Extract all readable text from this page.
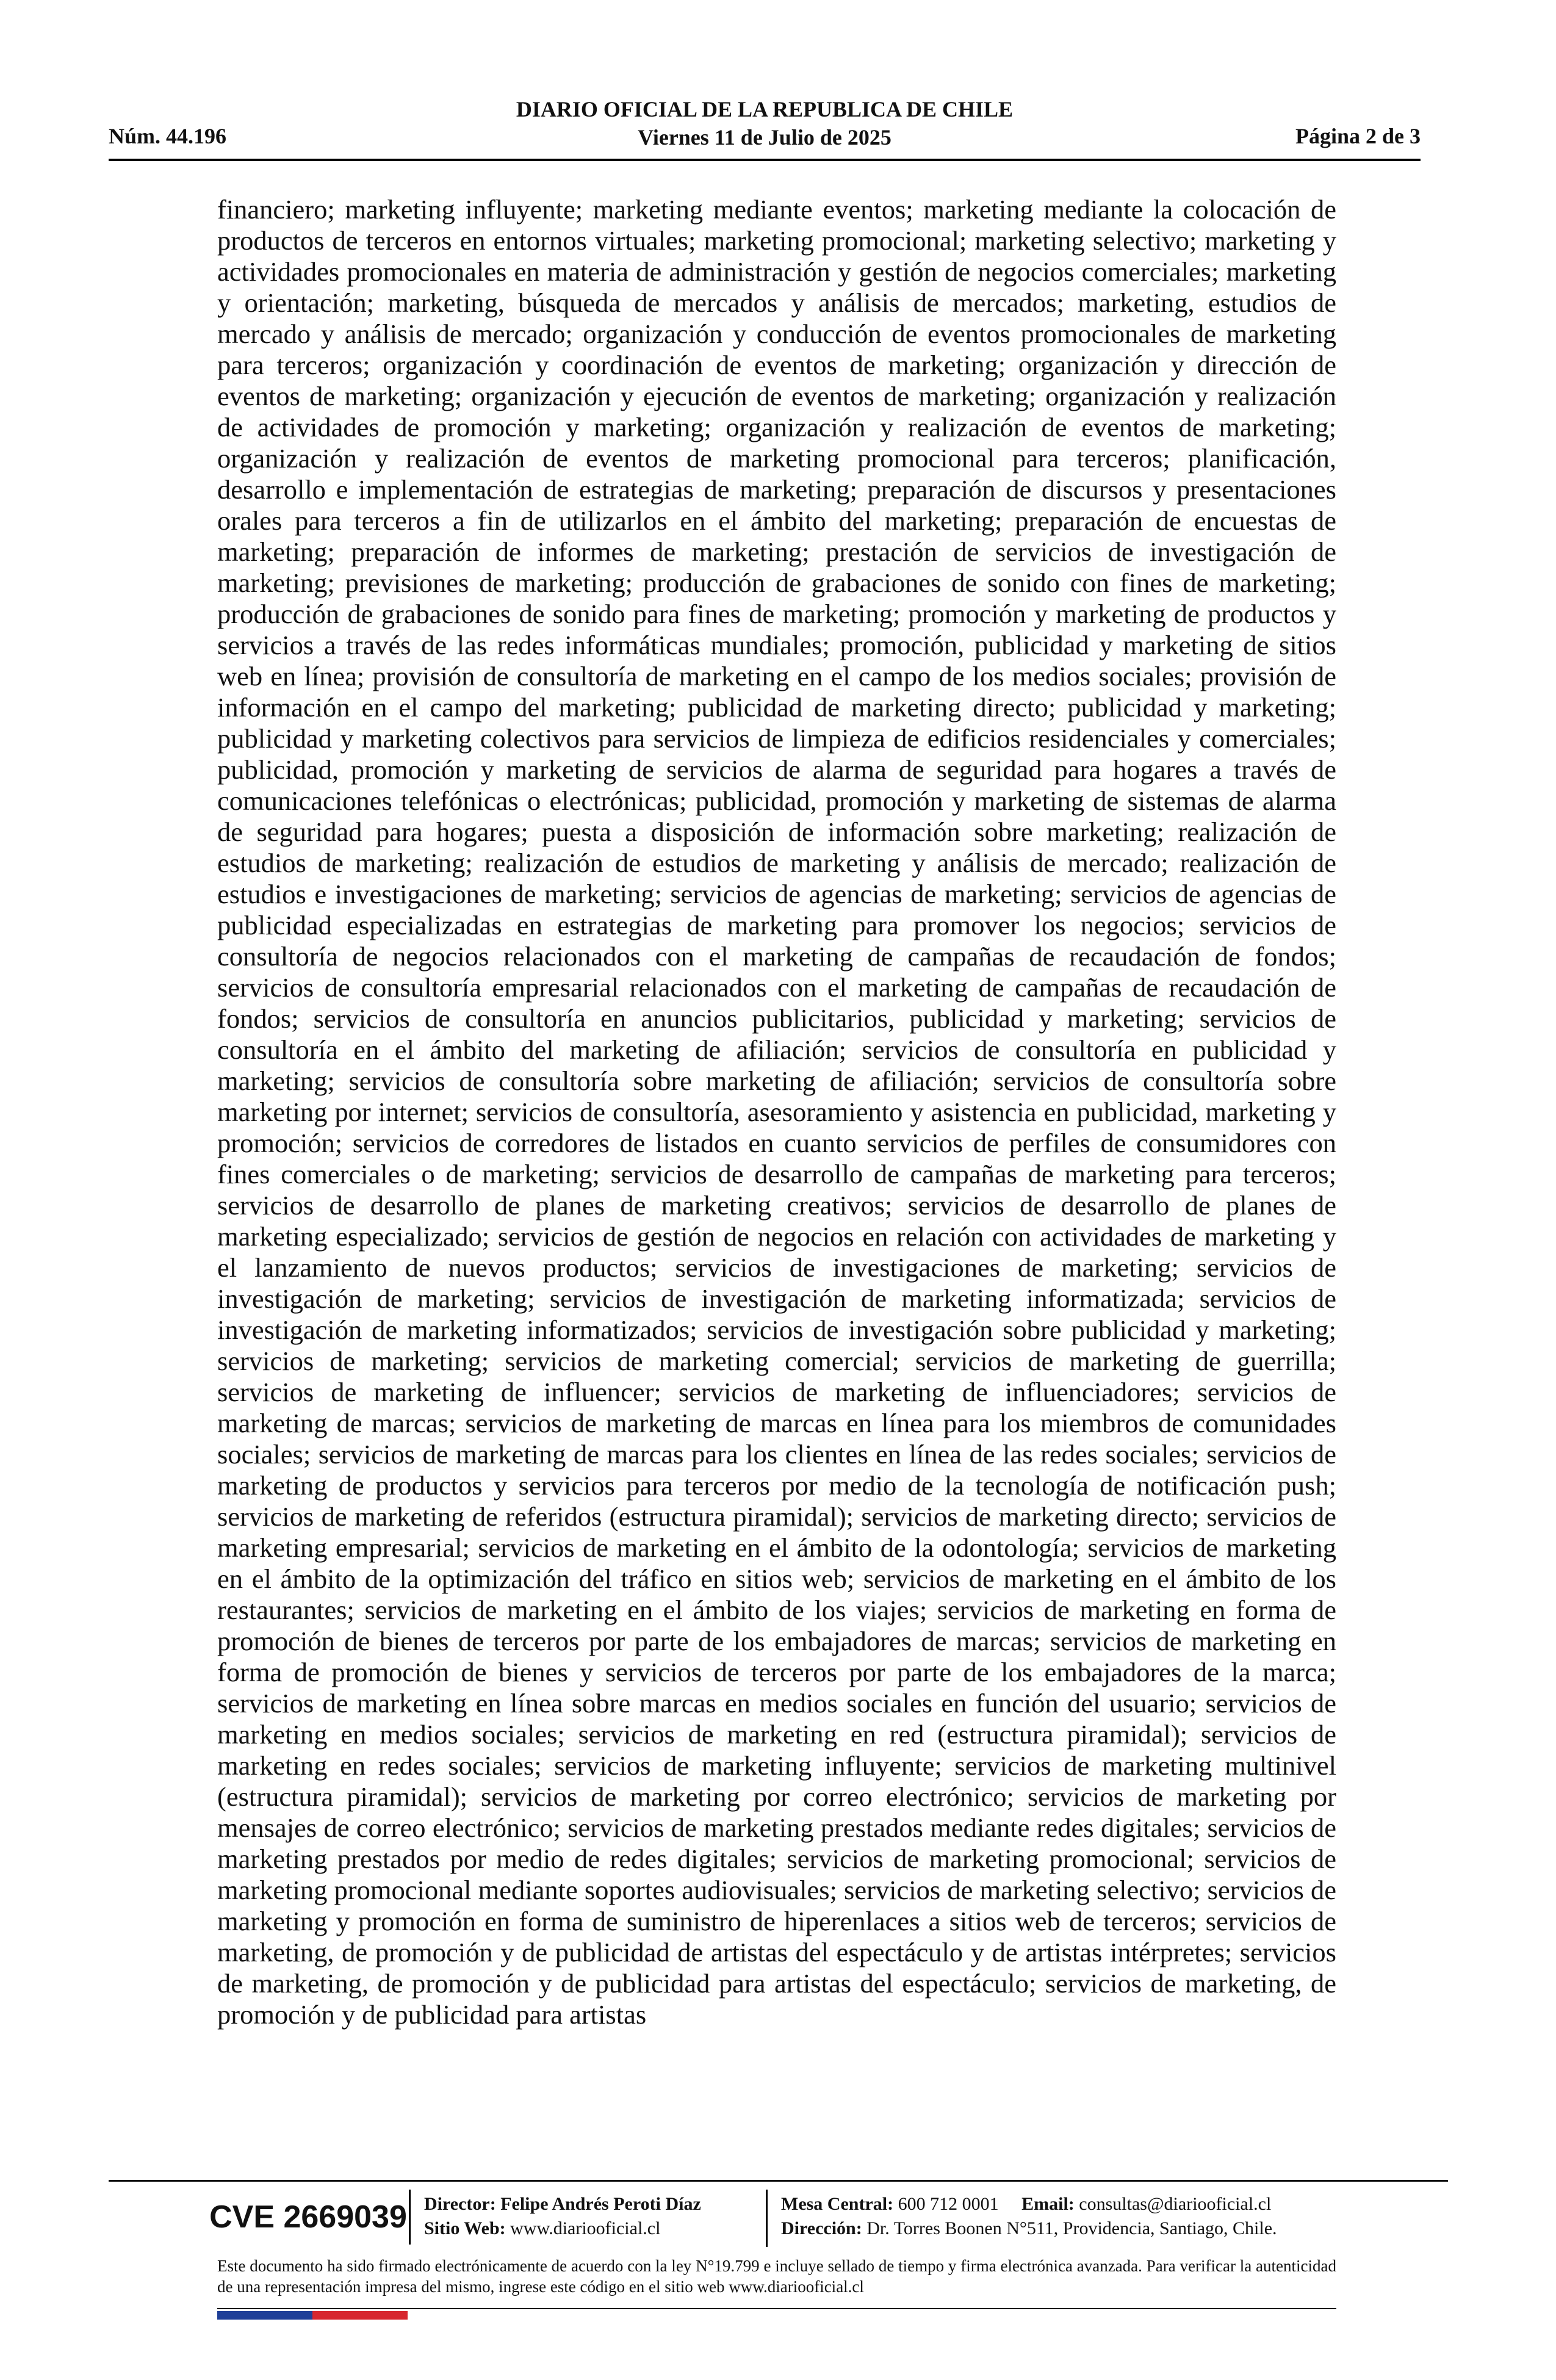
Núm. 44.196
DIARIO OFICIAL DE LA REPUBLICA DE CHILE
Viernes 11 de Julio de 2025	Página 2 de 3
financiero; marketing influyente; marketing mediante eventos; marketing mediante la colocación de productos de terceros en entornos virtuales; marketing promocional; marketing selectivo; marketing y actividades promocionales en materia de administración y gestión de negocios comerciales; marketing y orientación; marketing, búsqueda de mercados y análisis de mercados; marketing, estudios de mercado y análisis de mercado; organización y conducción de eventos promocionales de marketing para terceros; organización y coordinación de eventos de marketing; organización y dirección de eventos de marketing; organización y ejecución de eventos de marketing; organización y realización de actividades de promoción y marketing; organización y realización de eventos de marketing; organización y realización de eventos de marketing promocional para terceros; planificación, desarrollo e implementación de estrategias de marketing; preparación de discursos y presentaciones orales para terceros a fin de utilizarlos en el ámbito del marketing; preparación de encuestas de marketing; preparación de informes de marketing; prestación de servicios de investigación de marketing; previsiones de marketing; producción de grabaciones de sonido con fines de marketing; producción de grabaciones de sonido para fines de marketing; promoción y marketing de productos y servicios a través de las redes informáticas mundiales; promoción, publicidad y marketing de sitios web en línea; provisión de consultoría de marketing en el campo de los medios sociales; provisión de información en el campo del marketing; publicidad de marketing directo; publicidad y marketing; publicidad y marketing colectivos para servicios de limpieza de edificios residenciales y comerciales; publicidad, promoción y marketing de servicios de alarma de seguridad para hogares a través de comunicaciones telefónicas o electrónicas; publicidad, promoción y marketing de sistemas de alarma de seguridad para hogares; puesta a disposición de información sobre marketing; realización de estudios de marketing; realización de estudios de marketing y análisis de mercado; realización de estudios e investigaciones de marketing; servicios de agencias de marketing; servicios de agencias de publicidad especializadas en estrategias de marketing para promover los negocios; servicios de consultoría de negocios relacionados con el marketing de campañas de recaudación de fondos; servicios de consultoría empresarial relacionados con el marketing de campañas de recaudación de fondos; servicios de consultoría en anuncios publicitarios, publicidad y marketing; servicios de consultoría en el ámbito del marketing de afiliación; servicios de consultoría en publicidad y marketing; servicios de consultoría sobre marketing de afiliación; servicios de consultoría sobre marketing por internet; servicios de consultoría, asesoramiento y asistencia en publicidad, marketing y promoción; servicios de corredores de listados en cuanto servicios de perfiles de consumidores con fines comerciales o de marketing; servicios de desarrollo de campañas de marketing para terceros; servicios de desarrollo de planes de marketing creativos; servicios de desarrollo de planes de marketing especializado; servicios de gestión de negocios en relación con actividades de marketing y el lanzamiento de nuevos productos; servicios de investigaciones de marketing; servicios de investigación de marketing; servicios de investigación de marketing informatizada; servicios de investigación de marketing informatizados; servicios de investigación sobre publicidad y marketing; servicios de marketing; servicios de marketing comercial; servicios de marketing de guerrilla; servicios de marketing de influencer; servicios de marketing de influenciadores; servicios de marketing de marcas; servicios de marketing de marcas en línea para los miembros de comunidades sociales; servicios de marketing de marcas para los clientes en línea de las redes sociales; servicios de marketing de productos y servicios para terceros por medio de la tecnología de notificación push; servicios de marketing de referidos (estructura piramidal); servicios de marketing directo; servicios de marketing empresarial; servicios de marketing en el ámbito de la odontología; servicios de marketing en el ámbito de la optimización del tráfico en sitios web; servicios de marketing en el ámbito de los restaurantes; servicios de marketing en el ámbito de los viajes; servicios de marketing en forma de promoción de bienes de terceros por parte de los embajadores de marcas; servicios de marketing en forma de promoción de bienes y servicios de terceros por parte de los embajadores de la marca; servicios de marketing en línea sobre marcas en medios sociales en función del usuario; servicios de marketing en medios sociales; servicios de marketing en red (estructura piramidal); servicios de marketing en redes sociales; servicios de marketing influyente; servicios de marketing multinivel (estructura piramidal); servicios de marketing por correo electrónico; servicios de marketing por mensajes de correo electrónico; servicios de marketing prestados mediante redes digitales; servicios de marketing prestados por medio de redes digitales; servicios de marketing promocional; servicios de marketing promocional mediante soportes audiovisuales; servicios de marketing selectivo; servicios de marketing y promoción en forma de suministro de hiperenlaces a sitios web de terceros; servicios de marketing, de promoción y de publicidad de artistas del espectáculo y de artistas intérpretes; servicios de marketing, de promoción y de publicidad para artistas del espectáculo; servicios de marketing, de promoción y de publicidad para artistas
CVE 2669039 Director: Felipe Andrés Peroti Díaz
Sitio Web: www.diariooficial.cl
Mesa Central: 600 712 0001 Email: consultas@diariooficial.cl
Dirección: Dr. Torres Boonen N°511, Providencia, Santiago, Chile.
Este documento ha sido firmado electrónicamente de acuerdo con la ley N°19.799 e incluye sellado de tiempo y firma electrónica avanzada. Para verificar la autenticidad de una representación impresa del mismo, ingrese este código en el sitio web www.diariooficial.cl
